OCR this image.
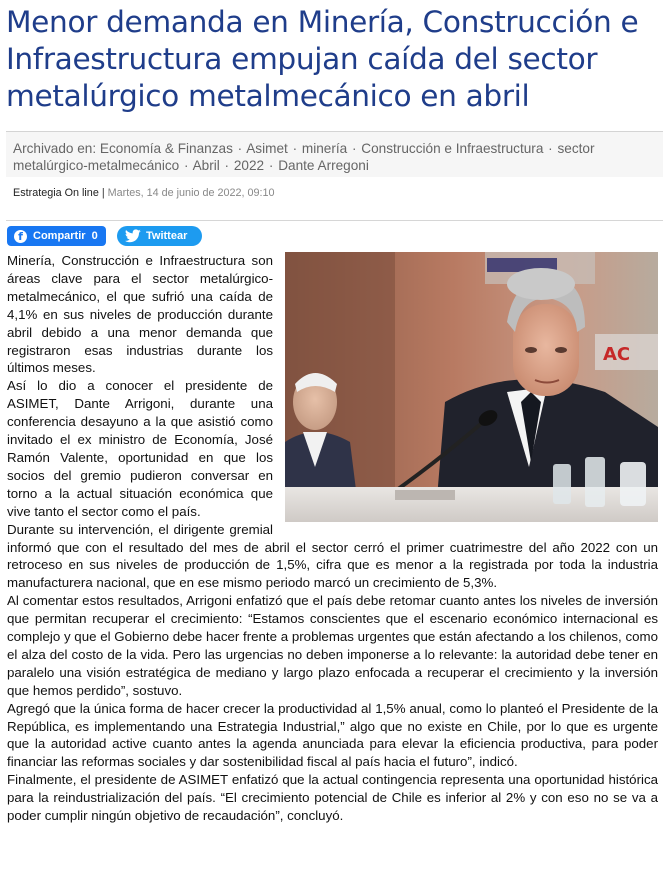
Menor demanda en Minería, Construcción e Infraestructura empujan caída del sector metalúrgico metalmecánico en abril
Archivado en: Economía & Finanzas · Asimet · minería · Construcción e Infraestructura · sector metalúrgico-metalmecánico · Abril · 2022 · Dante Arregoni
Estrategia On line | Martes, 14 de junio de 2022, 09:10
f Compartir 0	Twittear
AC

Minería, Construcción e Infraestructura son áreas clave para el sector metalúrgico-metalmecánico, el que sufrió una caída de 4,1% en sus niveles de producción durante abril debido a una menor demanda que registraron esas industrias durante los últimos meses.

Así lo dio a conocer el presidente de ASIMET, Dante Arrigoni, durante una conferencia desayuno a la que asistió como invitado el ex ministro de Economía, José Ramón Valente, oportunidad en que los socios del gremio pudieron conversar en torno a la actual situación económica que vive tanto el sector como el país.

Durante su intervención, el dirigente gremial informó que con el resultado del mes de abril el sector cerró el primer cuatrimestre del año 2022 con un retroceso en sus niveles de producción de 1,5%, cifra que es menor a la registrada por toda la industria manufacturera nacional, que en ese mismo periodo marcó un crecimiento de 5,3%.

Al comentar estos resultados, Arrigoni enfatizó que el país debe retomar cuanto antes los niveles de inversión que permitan recuperar el crecimiento: “Estamos conscientes que el escenario económico internacional es complejo y que el Gobierno debe hacer frente a problemas urgentes que están afectando a los chilenos, como el alza del costo de la vida. Pero las urgencias no deben imponerse a lo relevante: la autoridad debe tener en paralelo una visión estratégica de mediano y largo plazo enfocada a recuperar el crecimiento y la inversión que hemos perdido”, sostuvo.

Agregó que la única forma de hacer crecer la productividad al 1,5% anual, como lo planteó el Presidente de la República, es implementando una Estrategia Industrial,” algo que no existe en Chile, por lo que es urgente que la autoridad active cuanto antes la agenda anunciada para elevar la eficiencia productiva, para poder financiar las reformas sociales y dar sostenibilidad fiscal al país hacia el futuro”, indicó.

Finalmente, el presidente de ASIMET enfatizó que la actual contingencia representa una oportunidad histórica para la reindustrialización del país. “El crecimiento potencial de Chile es inferior al 2% y con eso no se va a poder cumplir ningún objetivo de recaudación”, concluyó.
